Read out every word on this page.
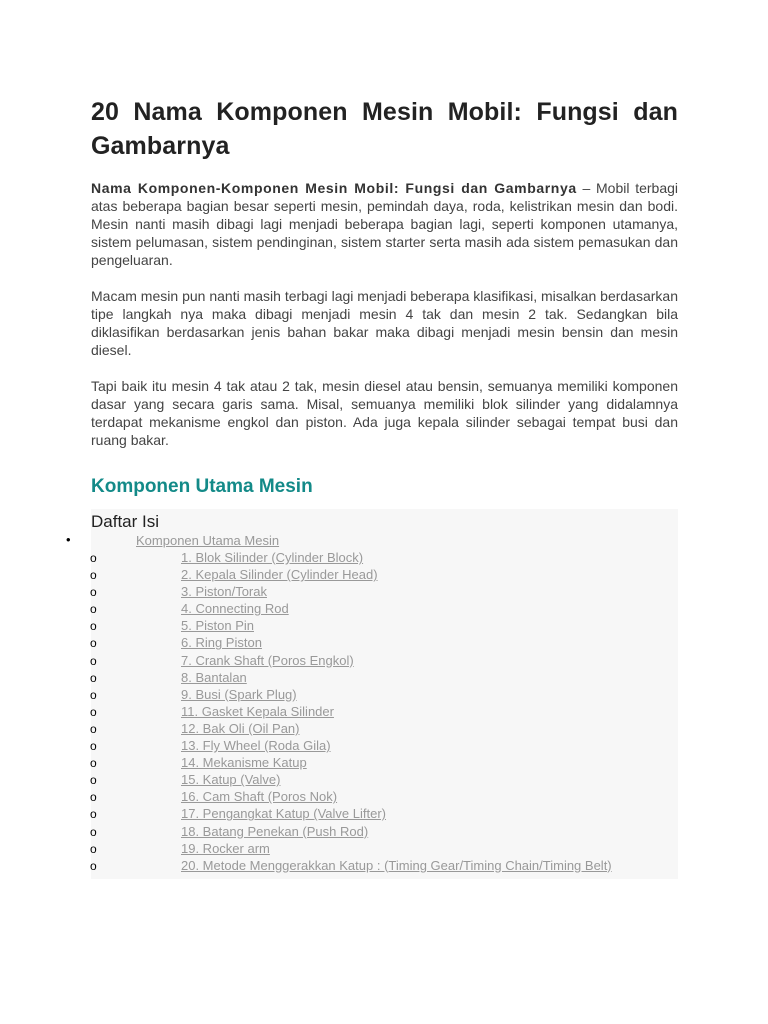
20 Nama Komponen Mesin Mobil: Fungsi dan Gambarnya

Nama Komponen-Komponen Mesin Mobil: Fungsi dan Gambarnya – Mobil terbagi atas beberapa bagian besar seperti mesin, pemindah daya, roda, kelistrikan mesin dan bodi. Mesin nanti masih dibagi lagi menjadi beberapa bagian lagi, seperti komponen utamanya, sistem pelumasan, sistem pendinginan, sistem starter serta masih ada sistem pemasukan dan pengeluaran.

Macam mesin pun nanti masih terbagi lagi menjadi beberapa klasifikasi, misalkan berdasarkan tipe langkah nya maka dibagi menjadi mesin 4 tak dan mesin 2 tak. Sedangkan bila diklasifikan berdasarkan jenis bahan bakar maka dibagi menjadi mesin bensin dan mesin diesel.

Tapi baik itu mesin 4 tak atau 2 tak, mesin diesel atau bensin, semuanya memiliki komponen dasar yang secara garis sama. Misal, semuanya memiliki blok silinder yang didalamnya terdapat mekanisme engkol dan piston. Ada juga kepala silinder sebagai tempat busi dan ruang bakar.

Komponen Utama Mesin
Daftar Isi
•	Komponen Utama Mesin
o	1. Blok Silinder (Cylinder Block)
o	2. Kepala Silinder (Cylinder Head)
o	3. Piston/Torak
o	4. Connecting Rod
o	5. Piston Pin
o	6. Ring Piston
o	7. Crank Shaft (Poros Engkol)
o	8. Bantalan
o	9. Busi (Spark Plug)
o	11. Gasket Kepala Silinder
o	12. Bak Oli (Oil Pan)
o	13. Fly Wheel (Roda Gila)
o	14. Mekanisme Katup
o	15. Katup (Valve)
o	16. Cam Shaft (Poros Nok)
o	17. Pengangkat Katup (Valve Lifter)
o	18. Batang Penekan (Push Rod)
o	19. Rocker arm
o	20. Metode Menggerakkan Katup : (Timing Gear/Timing Chain/Timing Belt)
